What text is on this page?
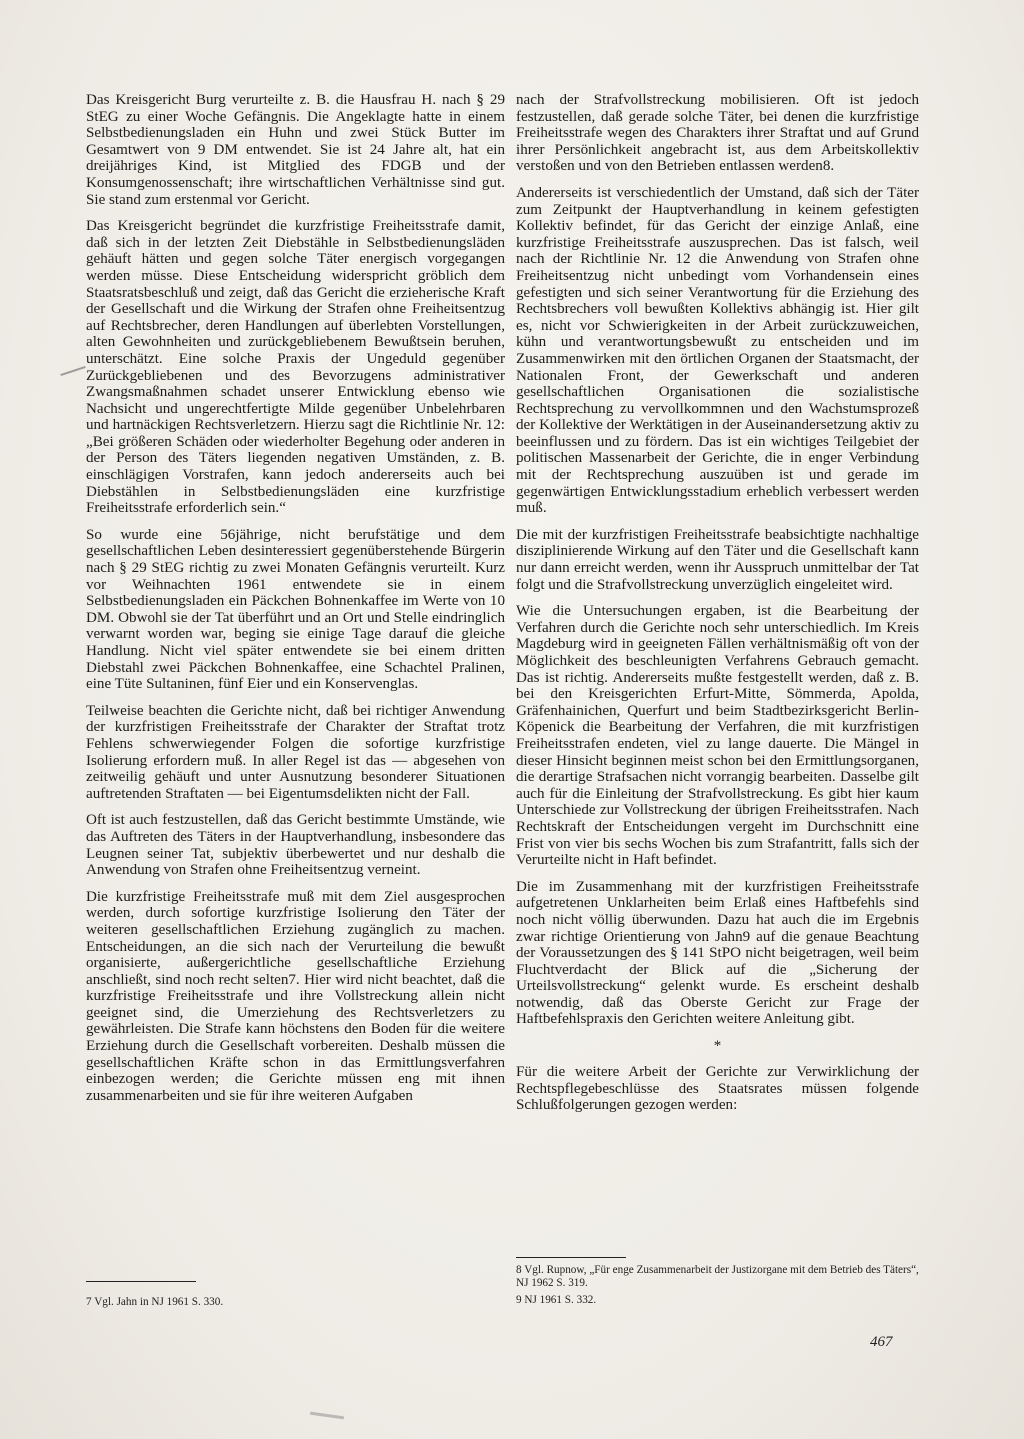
Das Kreisgericht Burg verurteilte z. B. die Hausfrau H. nach § 29 StEG zu einer Woche Gefängnis. Die Angeklagte hatte in einem Selbstbedienungsladen ein Huhn und zwei Stück Butter im Gesamtwert von 9 DM entwendet. Sie ist 24 Jahre alt, hat ein dreijähriges Kind, ist Mitglied des FDGB und der Konsumgenossenschaft; ihre wirtschaftlichen Verhältnisse sind gut. Sie stand zum erstenmal vor Gericht.

Das Kreisgericht begründet die kurzfristige Freiheitsstrafe damit, daß sich in der letzten Zeit Diebstähle in Selbstbedienungsläden gehäuft hätten und gegen solche Täter energisch vorgegangen werden müsse. Diese Entscheidung widerspricht gröblich dem Staatsratsbeschluß und zeigt, daß das Gericht die erzieherische Kraft der Gesellschaft und die Wirkung der Strafen ohne Freiheitsentzug auf Rechtsbrecher, deren Handlungen auf überlebten Vorstellungen, alten Gewohnheiten und zurückgebliebenem Bewußtsein beruhen, unterschätzt. Eine solche Praxis der Ungeduld gegenüber Zurückgebliebenen und des Bevorzugens administrativer Zwangsmaßnahmen schadet unserer Entwicklung ebenso wie Nachsicht und ungerechtfertigte Milde gegenüber Unbelehrbaren und hartnäckigen Rechtsverletzern. Hierzu sagt die Richtlinie Nr. 12: „Bei größeren Schäden oder wiederholter Begehung oder anderen in der Person des Täters liegenden negativen Umständen, z. B. einschlägigen Vorstrafen, kann jedoch andererseits auch bei Diebstählen in Selbstbedienungsläden eine kurzfristige Freiheitsstrafe erforderlich sein.“

So wurde eine 56jährige, nicht berufstätige und dem gesellschaftlichen Leben desinteressiert gegenüberstehende Bürgerin nach § 29 StEG richtig zu zwei Monaten Gefängnis verurteilt. Kurz vor Weihnachten 1961 entwendete sie in einem Selbstbedienungsladen ein Päckchen Bohnenkaffee im Werte von 10 DM. Obwohl sie der Tat überführt und an Ort und Stelle eindringlich verwarnt worden war, beging sie einige Tage darauf die gleiche Handlung. Nicht viel später entwendete sie bei einem dritten Diebstahl zwei Päckchen Bohnenkaffee, eine Schachtel Pralinen, eine Tüte Sultaninen, fünf Eier und ein Konservenglas.

Teilweise beachten die Gerichte nicht, daß bei richtiger Anwendung der kurzfristigen Freiheitsstrafe der Charakter der Straftat trotz Fehlens schwerwiegender Folgen die sofortige kurzfristige Isolierung erfordern muß. In aller Regel ist das — abgesehen von zeitweilig gehäuft und unter Ausnutzung besonderer Situationen auftretenden Straftaten — bei Eigentumsdelikten nicht der Fall.

Oft ist auch festzustellen, daß das Gericht bestimmte Umstände, wie das Auftreten des Täters in der Hauptverhandlung, insbesondere das Leugnen seiner Tat, subjektiv überbewertet und nur deshalb die Anwendung von Strafen ohne Freiheitsentzug verneint.

Die kurzfristige Freiheitsstrafe muß mit dem Ziel ausgesprochen werden, durch sofortige kurzfristige Isolierung den Täter der weiteren gesellschaftlichen Erziehung zugänglich zu machen. Entscheidungen, an die sich nach der Verurteilung die bewußt organisierte, außergerichtliche gesellschaftliche Erziehung anschließt, sind noch recht selten7. Hier wird nicht beachtet, daß die kurzfristige Freiheitsstrafe und ihre Vollstreckung allein nicht geeignet sind, die Umerziehung des Rechtsverletzers zu gewährleisten. Die Strafe kann höchstens den Boden für die weitere Erziehung durch die Gesellschaft vorbereiten. Deshalb müssen die gesellschaftlichen Kräfte schon in das Ermittlungsverfahren einbezogen werden; die Gerichte müssen eng mit ihnen zusammenarbeiten und sie für ihre weiteren Aufgaben

nach der Strafvollstreckung mobilisieren. Oft ist jedoch festzustellen, daß gerade solche Täter, bei denen die kurzfristige Freiheitsstrafe wegen des Charakters ihrer Straftat und auf Grund ihrer Persönlichkeit angebracht ist, aus dem Arbeitskollektiv verstoßen und von den Betrieben entlassen werden8.

Andererseits ist verschiedentlich der Umstand, daß sich der Täter zum Zeitpunkt der Hauptverhandlung in keinem gefestigten Kollektiv befindet, für das Gericht der einzige Anlaß, eine kurzfristige Freiheitsstrafe auszusprechen. Das ist falsch, weil nach der Richtlinie Nr. 12 die Anwendung von Strafen ohne Freiheitsentzug nicht unbedingt vom Vorhandensein eines gefestigten und sich seiner Verantwortung für die Erziehung des Rechtsbrechers voll bewußten Kollektivs abhängig ist. Hier gilt es, nicht vor Schwierigkeiten in der Arbeit zurückzuweichen, kühn und verantwortungsbewußt zu entscheiden und im Zusammenwirken mit den örtlichen Organen der Staatsmacht, der Nationalen Front, der Gewerkschaft und anderen gesellschaftlichen Organisationen die sozialistische Rechtsprechung zu vervollkommnen und den Wachstumsprozeß der Kollektive der Werktätigen in der Auseinandersetzung aktiv zu beeinflussen und zu fördern. Das ist ein wichtiges Teilgebiet der politischen Massenarbeit der Gerichte, die in enger Verbindung mit der Rechtsprechung auszuüben ist und gerade im gegenwärtigen Entwicklungsstadium erheblich verbessert werden muß.

Die mit der kurzfristigen Freiheitsstrafe beabsichtigte nachhaltige disziplinierende Wirkung auf den Täter und die Gesellschaft kann nur dann erreicht werden, wenn ihr Ausspruch unmittelbar der Tat folgt und die Strafvollstreckung unverzüglich eingeleitet wird.

Wie die Untersuchungen ergaben, ist die Bearbeitung der Verfahren durch die Gerichte noch sehr unterschiedlich. Im Kreis Magdeburg wird in geeigneten Fällen verhältnismäßig oft von der Möglichkeit des beschleunigten Verfahrens Gebrauch gemacht. Das ist richtig. Andererseits mußte festgestellt werden, daß z. B. bei den Kreisgerichten Erfurt-Mitte, Sömmerda, Apolda, Gräfenhainichen, Querfurt und beim Stadtbezirksgericht Berlin-Köpenick die Bearbeitung der Verfahren, die mit kurzfristigen Freiheitsstrafen endeten, viel zu lange dauerte. Die Mängel in dieser Hinsicht beginnen meist schon bei den Ermittlungsorganen, die derartige Strafsachen nicht vorrangig bearbeiten. Dasselbe gilt auch für die Einleitung der Strafvollstreckung. Es gibt hier kaum Unterschiede zur Vollstreckung der übrigen Freiheitsstrafen. Nach Rechtskraft der Entscheidungen vergeht im Durchschnitt eine Frist von vier bis sechs Wochen bis zum Strafantritt, falls sich der Verurteilte nicht in Haft befindet.

Die im Zusammenhang mit der kurzfristigen Freiheitsstrafe aufgetretenen Unklarheiten beim Erlaß eines Haftbefehls sind noch nicht völlig überwunden. Dazu hat auch die im Ergebnis zwar richtige Orientierung von Jahn9 auf die genaue Beachtung der Voraussetzungen des § 141 StPO nicht beigetragen, weil beim Fluchtverdacht der Blick auf die „Sicherung der Urteilsvollstreckung“ gelenkt wurde. Es erscheint deshalb notwendig, daß das Oberste Gericht zur Frage der Haftbefehlspraxis den Gerichten weitere Anleitung gibt.

*

Für die weitere Arbeit der Gerichte zur Verwirklichung der Rechtspflegebeschlüsse des Staatsrates müssen folgende Schlußfolgerungen gezogen werden:

7 Vgl. Jahn in NJ 1961 S. 330.
8 Vgl. Rupnow, „Für enge Zusammenarbeit der Justizorgane mit dem Betrieb des Täters“, NJ 1962 S. 319.
9 NJ 1961 S. 332.
467
